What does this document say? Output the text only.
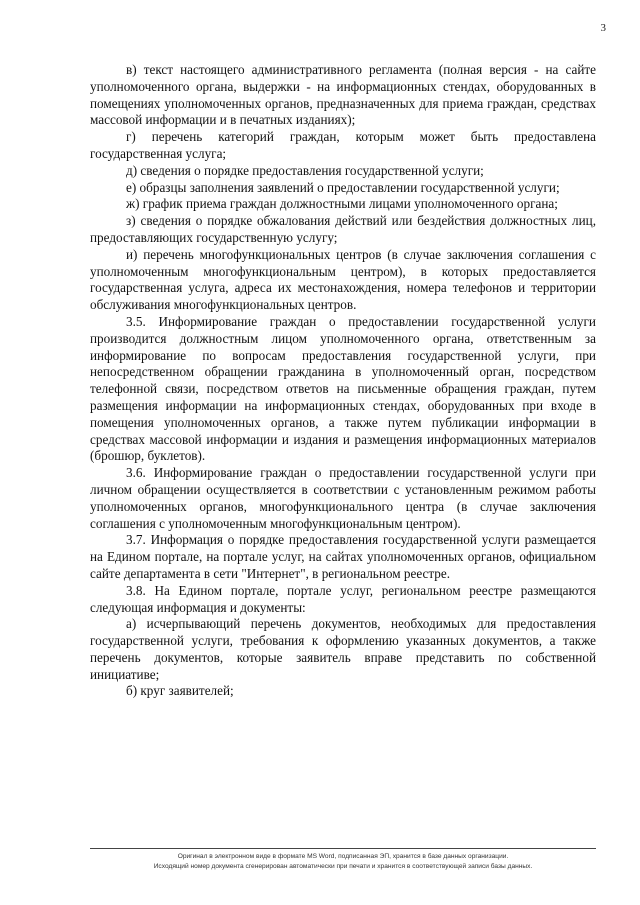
3

в) текст настоящего административного регламента (полная версия - на сайте уполномоченного органа, выдержки - на информационных стендах, оборудованных в помещениях уполномоченных органов, предназначенных для приема граждан, средствах массовой информации и в печатных изданиях);

г) перечень категорий граждан, которым может быть предоставлена государственная услуга;

д) сведения о порядке предоставления государственной услуги;

е) образцы заполнения заявлений о предоставлении государственной услуги;

ж) график приема граждан должностными лицами уполномоченного органа;

з) сведения о порядке обжалования действий или бездействия должностных лиц, предоставляющих государственную услугу;

и) перечень многофункциональных центров (в случае заключения соглашения с уполномоченным многофункциональным центром), в которых предоставляется государственная услуга, адреса их местонахождения, номера телефонов и территории обслуживания многофункциональных центров.

3.5. Информирование граждан о предоставлении государственной услуги производится должностным лицом уполномоченного органа, ответственным за информирование по вопросам предоставления государственной услуги, при непосредственном обращении гражданина в уполномоченный орган, посредством телефонной связи, посредством ответов на письменные обращения граждан, путем размещения информации на информационных стендах, оборудованных при входе в помещения уполномоченных органов, а также путем публикации информации в средствах массовой информации и издания и размещения информационных материалов (брошюр, буклетов).

3.6. Информирование граждан о предоставлении государственной услуги при личном обращении осуществляется в соответствии с установленным режимом работы уполномоченных органов, многофункционального центра (в случае заключения соглашения с уполномоченным многофункциональным центром).

3.7. Информация о порядке предоставления государственной услуги размещается на Едином портале, на портале услуг, на сайтах уполномоченных органов, официальном сайте департамента в сети "Интернет", в региональном реестре.

3.8. На Едином портале, портале услуг, региональном реестре размещаются следующая информация и документы:

а) исчерпывающий перечень документов, необходимых для предоставления государственной услуги, требования к оформлению указанных документов, а также перечень документов, которые заявитель вправе представить по собственной инициативе;

б) круг заявителей;

Оригинал в электронном виде в формате MS Word, подписанная ЭП, хранится в базе данных организации.

Исходящий номер документа сгенерирован автоматически при печати и хранится в соответствующей записи базы данных.
